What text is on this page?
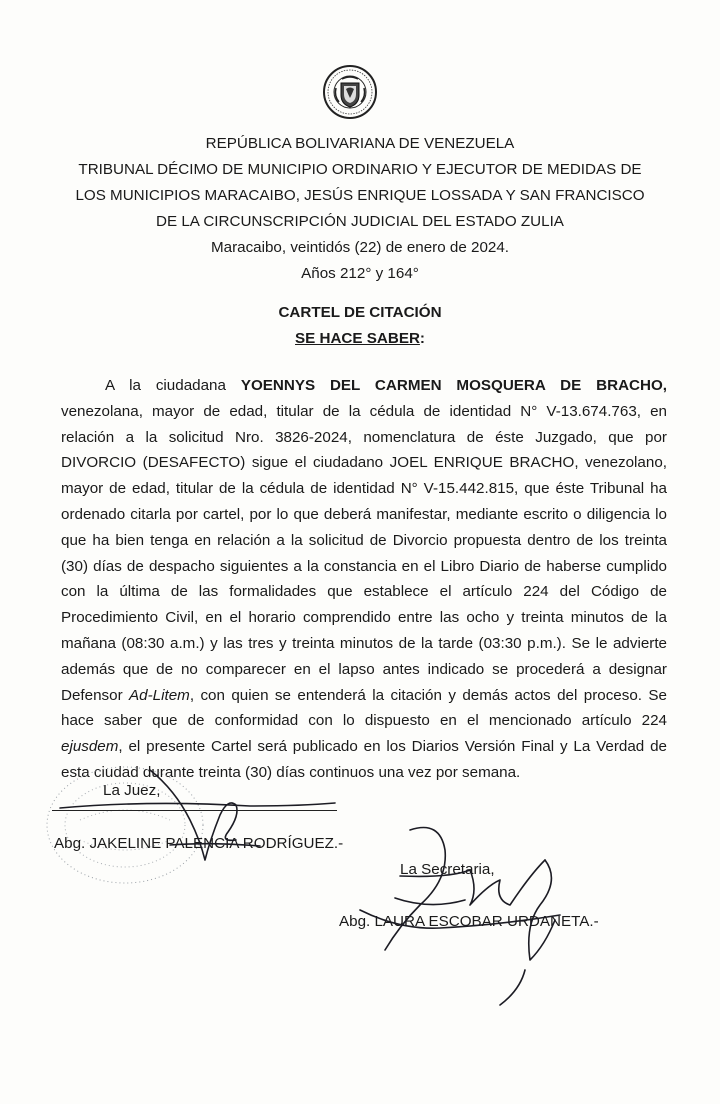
REPÚBLICA BOLIVARIANA DE VENEZUELA
TRIBUNAL DÉCIMO DE MUNICIPIO ORDINARIO Y EJECUTOR DE MEDIDAS DE
LOS MUNICIPIOS MARACAIBO, JESÚS ENRIQUE LOSSADA Y SAN FRANCISCO
DE LA CIRCUNSCRIPCIÓN JUDICIAL DEL ESTADO ZULIA
Maracaibo, veintidós (22) de enero de 2024.
Años 212° y 164°
CARTEL DE CITACIÓN
SE HACE SABER:
A la ciudadana YOENNYS DEL CARMEN MOSQUERA DE BRACHO,
venezolana, mayor de edad, titular de la cédula de identidad N° V-13.674.763, en
relación a la solicitud Nro. 3826-2024, nomenclatura de éste Juzgado, que por
DIVORCIO (DESAFECTO) sigue el ciudadano JOEL ENRIQUE BRACHO, venezolano,
mayor de edad, titular de la cédula de identidad N° V-15.442.815, que éste Tribunal ha
ordenado citarla por cartel, por lo que deberá manifestar, mediante escrito o diligencia lo
que ha bien tenga en relación a la solicitud de Divorcio propuesta dentro de los treinta
(30) días de despacho siguientes a la constancia en el Libro Diario de haberse cumplido
con la última de las formalidades que establece el artículo 224 del Código de
Procedimiento Civil, en el horario comprendido entre las ocho y treinta minutos de la
mañana (08:30 a.m.) y las tres y treinta minutos de la tarde (03:30 p.m.). Se le advierte
además que de no comparecer en el lapso antes indicado se procederá a designar
Defensor Ad-Litem, con quien se entenderá la citación y demás actos del proceso. Se
hace saber que de conformidad con lo dispuesto en el mencionado artículo 224
ejusdem, el presente Cartel será publicado en los Diarios Versión Final y La Verdad de
esta ciudad durante treinta (30) días continuos una vez por semana.
La Juez,
Abg. JAKELINE PALENCIA RODRÍGUEZ.-
La Secretaria,
Abg. LAURA ESCOBAR URDANETA.-
